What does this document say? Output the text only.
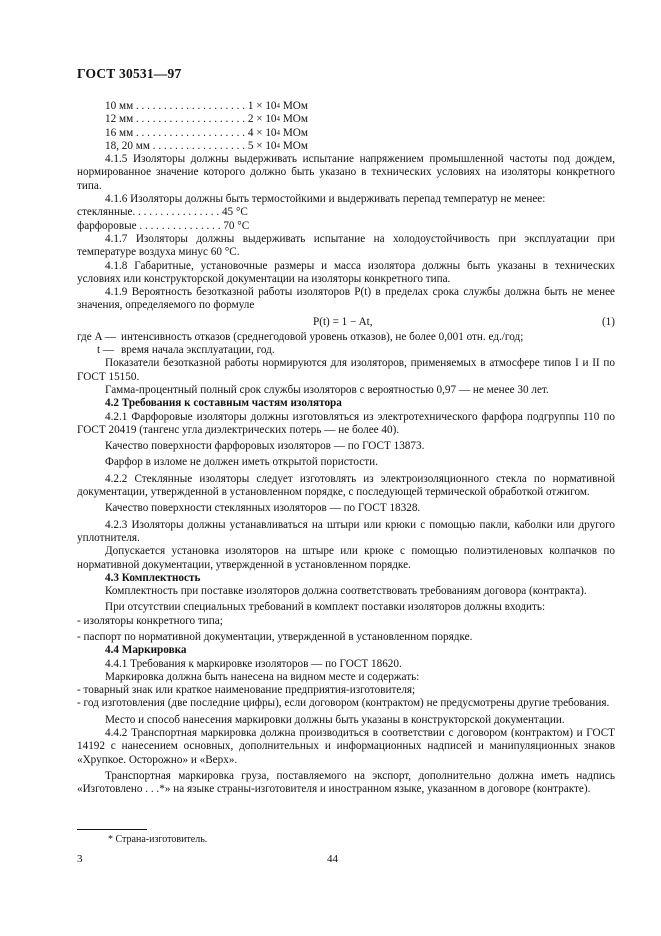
ГОСТ 30531—97
10 мм . . . . . . . . . . . . . . . . . . . . 1 × 10 4 МОм
12 мм . . . . . . . . . . . . . . . . . . . . 2 × 10 4 МОм
16 мм . . . . . . . . . . . . . . . . . . . . 4 × 10 4 МОм
18, 20 мм . . . . . . . . . . . . . . . . . 5 × 10 4 МОм

4.1.5 Изоляторы должны выдерживать испытание напряжением промышленной частоты под дождем, нормированное значение которого должно быть указано в технических условиях на изоляторы конкретного типа.

4.1.6 Изоляторы должны быть термостойкими и выдерживать перепад температур не менее:

стеклянные. . . . . . . . . . . . . . . . 45 °С
фарфоровые . . . . . . . . . . . . . . . 70 °С

4.1.7 Изоляторы должны выдерживать испытание на холодоустойчивость при эксплуатации при температуре воздуха минус 60 °С.

4.1.8 Габаритные, установочные размеры и масса изолятора должны быть указаны в технических условиях или конструкторской документации на изоляторы конкретного типа.

4.1.9 Вероятность безотказной работы изоляторов P(t) в пределах срока службы должна быть не менее значения, определяемого по формуле

P(t) = 1 − At,	(1)
где A — интенсивность отказов (среднегодовой уровень отказов), не более 0,001 отн. ед./год;
t — время начала эксплуатации, год.

Показатели безотказной работы нормируются для изоляторов, применяемых в атмосфере типов I и II по ГОСТ 15150.

Гамма-процентный полный срок службы изоляторов с вероятностью 0,97 — не менее 30 лет.

4.2 Требования к составным частям изолятора

4.2.1 Фарфоровые изоляторы должны изготовляться из электротехнического фарфора подгруппы 110 по ГОСТ 20419 (тангенс угла диэлектрических потерь — не более 40).

Качество поверхности фарфоровых изоляторов — по ГОСТ 13873.

Фарфор в изломе не должен иметь открытой пористости.

4.2.2 Стеклянные изоляторы следует изготовлять из электроизоляционного стекла по нормативной документации, утвержденной в установленном порядке, с последующей термической обработкой отжигом.

Качество поверхности стеклянных изоляторов — по ГОСТ 18328.

4.2.3 Изоляторы должны устанавливаться на штыри или крюки с помощью пакли, каболки или другого уплотнителя.

Допускается установка изоляторов на штыре или крюке с помощью полиэтиленовых колпачков по нормативной документации, утвержденной в установленном порядке.

4.3 Комплектность

Комплектность при поставке изоляторов должна соответствовать требованиям договора (контракта).

При отсутствии специальных требований в комплект поставки изоляторов должны входить:

- изоляторы конкретного типа;

- паспорт по нормативной документации, утвержденной в установленном порядке.

4.4 Маркировка

4.4.1 Требования к маркировке изоляторов — по ГОСТ 18620.

Маркировка должна быть нанесена на видном месте и содержать:

- товарный знак или краткое наименование предприятия-изготовителя;

- год изготовления (две последние цифры), если договором (контрактом) не предусмотрены другие требования.

Место и способ нанесения маркировки должны быть указаны в конструкторской документации.

4.4.2 Транспортная маркировка должна производиться в соответствии с договором (контрактом) и ГОСТ 14192 с нанесением основных, дополнительных и информационных надписей и манипуляционных знаков «Хрупкое. Осторожно» и «Верх».

Транспортная маркировка груза, поставляемого на экспорт, дополнительно должна иметь надпись «Изготовлено . . .*» на языке страны-изготовителя и иностранном языке, указанном в договоре (контракте).

* Страна-изготовитель.
3	44
